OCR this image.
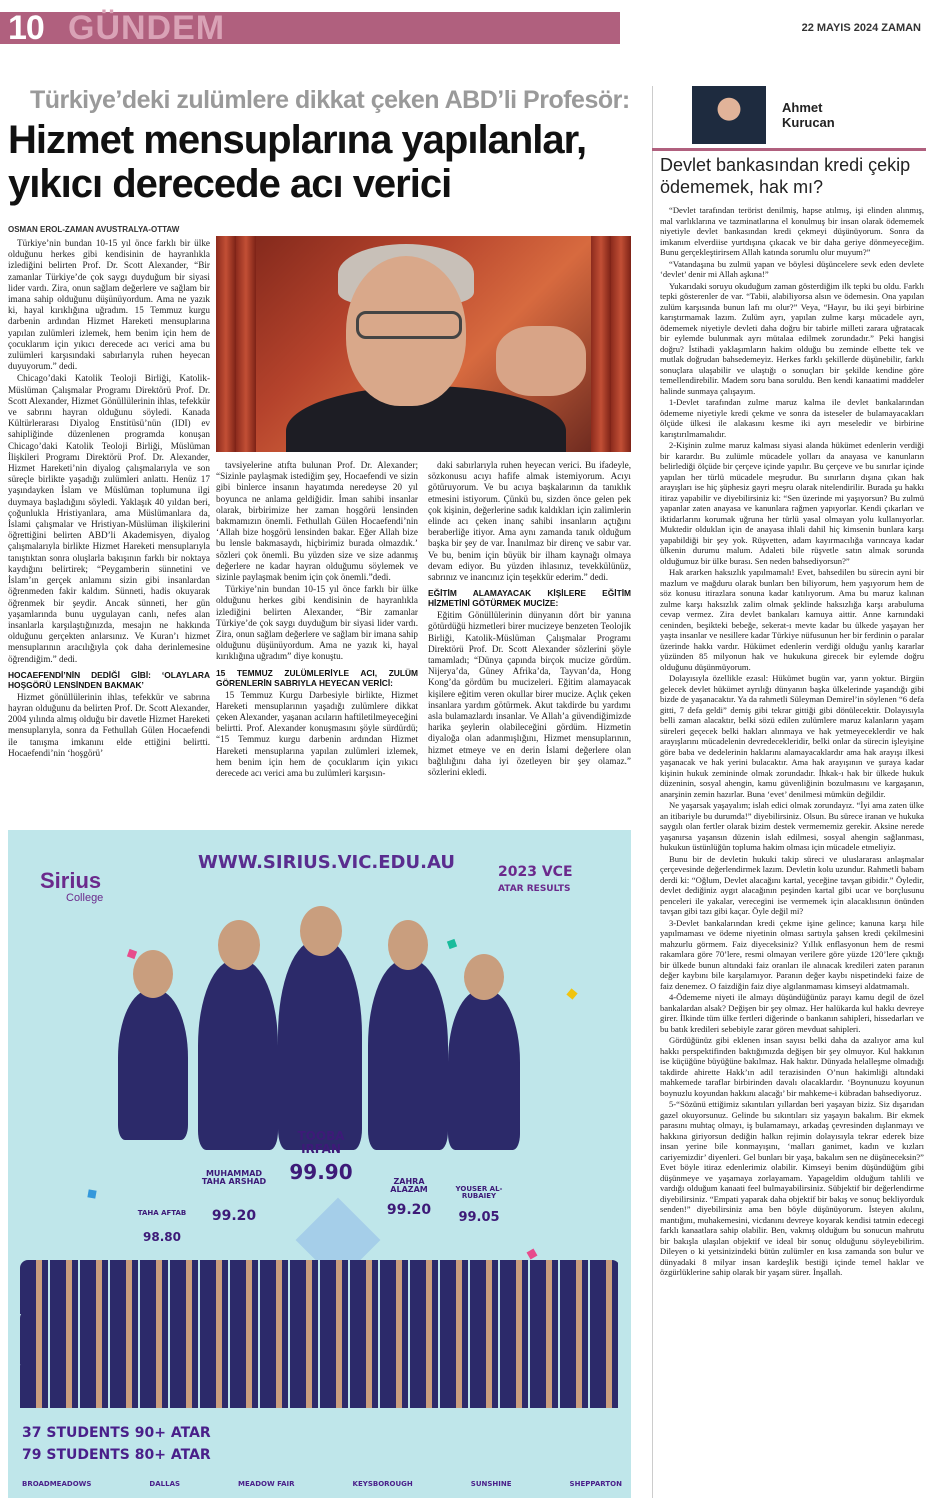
10 GÜNDEM	22 MAYIS 2024 ZAMAN
Türkiye’deki zulümlere dikkat çeken ABD’li Profesör:
Hizmet mensuplarına yapılanlar,
yıkıcı derecede acı verici
OSMAN EROL-ZAMAN AVUSTRALYA-OTTAW

Türkiye’nin bundan 10-15 yıl önce farklı bir ülke olduğunu herkes gibi kendisinin de hayranlıkla izlediğini belirten Prof. Dr. Scott Alexander, “Bir zamanlar Türkiye’de çok saygı duyduğum bir siyasi lider vardı. Zira, onun sağlam değerlere ve sağlam bir imana sahip olduğunu düşünüyordum. Ama ne yazık ki, hayal kırıklığına uğradım. 15 Temmuz kurgu darbenin ardından Hizmet Hareketi mensuplarına yapılan zulümleri izlemek, hem benim için hem de çocuklarım için yıkıcı derecede acı verici ama bu zulümleri karşısındaki sabırlarıyla ruhen heyecan duyuyorum.” dedi.

Chicago’daki Katolik Teoloji Birliği, Katolik-Müslüman Çalışmalar Programı Direktörü Prof. Dr. Scott Alexander, Hizmet Gönüllülerinin ihlas, tefekkür ve sabrını hayran olduğunu söyledi. Kanada Kültürlerarası Diyalog Enstitüsü’nün (IDI) ev sahipliğinde düzenlenen programda konuşan Chicago’daki Katolik Teoloji Birliği, Müslüman İlişkileri Programı Direktörü Prof. Dr. Alexander, Hizmet Hareketi’nin diyalog çalışmalarıyla ve son süreçle birlikte yaşadığı zulümleri anlattı. Henüz 17 yaşındayken İslam ve Müslüman toplumuna ilgi duymaya başladığını söyledi. Yaklaşık 40 yıldan beri, çoğunlukla Hristiyanlara, ama Müslümanlara da, İslami çalışmalar ve Hristiyan-Müslüman ilişkilerini öğrettiğini belirten ABD’li Akademisyen, diyalog çalışmalarıyla birlikte Hizmet Hareketi mensuplarıyla tanıştıktan sonra oluşlarla bakışının farklı bir noktaya kaydığını belirtirek; “Peygamberin sünnetini ve İslam’ın gerçek anlamını sizin gibi insanlardan öğrenmeden fakir kaldım. Sünneti, hadis okuyarak öğrenmek bir şeydir. Ancak sünneti, her gün yaşamlarında bunu uygulayan canlı, nefes alan insanlarla karşılaştığınızda, mesajın ne hakkında olduğunu gerçekten anlarsınız. Ve Kuran’ı hizmet mensuplarının aracılığıyla çok daha derinlemesine öğrendiğim.” dedi.

HOCAEFENDİ’NİN DEDİĞİ GİBİ: ‘OLAYLARA HOŞGÖRÜ LENSİNDEN BAKMAK’

Hizmet gönüllülerinin ihlas, tefekkür ve sabrına hayran olduğunu da belirten Prof. Dr. Scott Alexander, 2004 yılında almış olduğu bir davetle Hizmet Hareketi mensuplarıyla, sonra da Fethullah Gülen Hocaefendi ile tanışma imkanını elde ettiğini belirtti. Hocaefendi’nin ‘hoşgörü’

tavsiyelerine atıfta bulunan Prof. Dr. Alexander; “Sizinle paylaşmak istediğim şey, Hocaefendi ve sizin gibi binlerce insanın hayatımda neredeyse 20 yıl boyunca ne anlama geldiğidir. İman sahibi insanlar olarak, birbirimize her zaman hoşgörü lensinden bakmamızın önemli. Fethullah Gülen Hocaefendi’nin ‘Allah bize hoşgörü lensinden bakar. Eğer Allah bize bu lensle bakmasaydı, hiçbirimiz burada olmazdık.’ sözleri çok önemli. Bu yüzden size ve size adanmış değerlere ne kadar hayran olduğumu söylemek ve sizinle paylaşmak benim için çok önemli.”dedi.

Türkiye’nin bundan 10-15 yıl önce farklı bir ülke olduğunu herkes gibi kendisinin de hayranlıkla izlediğini belirten Alexander, “Bir zamanlar Türkiye’de çok saygı duyduğum bir siyasi lider vardı. Zira, onun sağlam değerlere ve sağlam bir imana sahip olduğunu düşünüyordum. Ama ne yazık ki, hayal kırıklığına uğradım” diye konuştu.

15 TEMMUZ ZULÜMLERİYLE ACI, ZULÜM GÖRENLERİN SABRIYLA HEYECAN VERİCİ:

15 Temmuz Kurgu Darbesiyle birlikte, Hizmet Hareketi mensuplarının yaşadığı zulümlere dikkat çeken Alexander, yaşanan acıların haftiletilmeyeceğini belirtti. Prof. Alexander konuşmasını şöyle sürdürdü; “15 Temmuz kurgu darbenin ardından Hizmet Hareketi mensuplarına yapılan zulümleri izlemek, hem benim için hem de çocuklarım için yıkıcı derecede acı verici ama bu zulümleri karşısın-

daki sabırlarıyla ruhen heyecan verici. Bu ifadeyle, sözkonusu acıyı hafife almak istemiyorum. Acıyı götüruyorum. Ve bu acıya başkalarının da tanıklık etmesini istiyorum. Çünkü bu, sizden önce gelen pek çok kişinin, değerlerine sadık kaldıkları için zalimlerin elinde acı çeken inanç sahibi insanların açtığını beraberliğe itiyor. Ama aynı zamanda tanık olduğum başka bir şey de var. İnanılmaz bir direnç ve sabır var. Ve bu, benim için büyük bir ilham kaynağı olmaya devam ediyor. Bu yüzden ihlasınız, tevekkülünüz, sabrınız ve inancınız için teşekkür ederim.” dedi.

EĞİTİM ALAMAYACAK KİŞİLERE EĞİTİM HİZMETİNİ GÖTÜRMEK MUCİZE:

Eğitim Gönüllülerinin dünyanın dört bir yanına götürdüğü hizmetleri birer mucizeye benzeten Teolojik Birliği, Katolik-Müslüman Çalışmalar Programı Direktörü Prof. Dr. Scott Alexander sözlerini şöyle tamamladı; “Dünya çapında birçok mucize gördüm. Nijerya’da, Güney Afrika’da, Tayvan’da, Hong Kong’da gördüm bu mucizeleri. Eğitim alamayacak kişilere eğitim veren okullar birer mucize. Açlık çeken insanlara yardım götürmek. Akut takdirde bu yardımı asla bulamazlardı insanlar. Ve Allah’a güvendiğimizde harika şeylerin olabileceğini gördüm. Hizmetin diyaloğa olan adanmışlığını, Hizmet mensuplarının, hizmet etmeye ve en derin İslami değerlere olan bağlılığını daha iyi özetleyen bir şey olamaz.” sözlerini ekledi.

Ahmet
Kurucan
Devlet bankasından kredi çekip ödememek, hak mı?

“Devlet tarafından terörist denilmiş, hapse atılmış, işi elinden alınmış, mal varlıklarına ve tazminatlarına el konulmuş bir insan olarak ödememek niyetiyle devlet bankasından kredi çekmeyi düşünüyorum. Sonra da imkanım elverdiise yurtdışına çıkacak ve bir daha geriye dönmeyeceğim. Bunu gerçekleştirirsem Allah katında sorumlu olur muyum?”

“Vatandaşına bu zulmü yapan ve böylesi düşüncelere sevk eden devlete ‘devlet’ denir mi Allah aşkına!”

Yukarıdaki soruyu okuduğum zaman gösterdiğim ilk tepki bu oldu. Farklı tepki gösterenler de var. “Tabii, alabiliyorsa alsın ve ödemesin. Ona yapılan zulüm karşısında bunun lafı mı olur?” Veya, “Hayır, bu iki şeyi birbirine karıştırmamak lazım. Zulüm ayrı, yapılan zulme karşı mücadele ayrı, ödememek niyetiyle devleti daha doğru bir tabirle milleti zarara uğratacak bir eylemde bulunmak ayrı mütalaa edilmek zorundadır.” Peki hangisi doğru? İstihadi yaklaşımların hakim olduğu bu zeminde elbette tek ve mutlak doğrudan bahsedemeyiz. Herkes farklı şekillerde düşünebilir, farklı sonuçlara ulaşabilir ve ulaştığı o sonuçları bir şekilde kendine göre temellendirebilir. Madem soru bana soruldu. Ben kendi kanaatimi maddeler halinde sunmaya çalışayım.

1-Devlet tarafından zulme maruz kalma ile devlet bankalarından ödememe niyetiyle kredi çekme ve sonra da isteseler de bulamayacakları ölçüde ülkesi ile alakasını kesme iki ayrı meseledir ve birbirine karıştırılmamalıdır.

2-Kişinin zulme maruz kalması siyasi alanda hükümet edenlerin verdiği bir karardır. Bu zulümle mücadele yolları da anayasa ve kanunların belirlediği ölçüde bir çerçeve içinde yapılır. Bu çerçeve ve bu sınırlar içinde yapılan her türlü mücadele meşrudur. Bu sınırların dışına çıkan hak arayışları ise hiç şüphesiz gayri meşru olarak nitelendirilir. Burada şu hakkı itiraz yapabilir ve diyebilirsiniz ki: “Sen üzerinde mi yaşıyorsun? Bu zulmü yapanlar zaten anayasa ve kanunlara rağmen yapıyorlar. Kendi çıkarları ve iktidarlarını korumak uğruna her türlü yasal olmayan yolu kullanıyorlar. Muktedir olduklan için de anayasa ihlali dahil hiç kimsenin bunlara karşı yapabildiği bir şey yok. Rüşvetten, adam kayırmacılığa varıncaya kadar ülkenin durumu malum. Adaleti bile rüşvetle satın almak sorunda olduğumuz bir ülke burası. Sen neden bahsediyorsun?”

Hak ararken haksızlık yapılmamalı! Evet, bahsedilen bu sürecin ayni bir mazlum ve mağduru olarak bunları ben biliyorum, hem yaşıyorum hem de söz konusu itirazlara sonuna kadar katılıyorum. Ama bu maruz kalınan zulme karşı haksızlık zalim olmak şeklinde haksızlığa karşı arabuluma cevap vermez. Zira devlet bankaları kamuya aittir. Anne karnındaki ceninden, beşikteki bebeğe, sekerat-ı mevte kadar bu ülkede yaşayan her yaşta insanlar ve nesillere kadar Türkiye nüfusunun her bir ferdinin o paralar üzerinde hakkı vardır. Hükümet edenlerin verdiği olduğu yanlış kararlar yüzünden 85 milyonun hak ve hukukuna girecek bir eylemde doğru olduğunu düşünmüyorum.

Dolayısıyla özellikle ezasıl: Hükümet bugün var, yarın yoktur. Birgün gelecek devlet hükümet ayrılığı dünyanın başka ülkelerinde yaşandığı gibi bizde de yaşanacaktır. Ya da rahmetli Süleyman Demirel’in söylenen “6 defa gitti, 7 defa geldi” demiş gibi tekrar gittiği gibi dönülecektir. Dolayısıyla belli zaman alacaktır, belki sözü edilen zulümlere maruz kalanların yaşam süreleri geçecek belki hakları alınmaya ve hak yetmeyeceklerdir ve hak arayışlarını mücadelenin devredecekleridir, belki onlar da sürecin işleyişine göre baba ve dedelerinin haklarını alamayacaklardır ama hak arayışı ilkesi yaşanacak ve hak yerini bulacaktır. Ama hak arayışının ve şuraya kadar kişinin hukuk zemininde olmak zorundadır. İhkak-ı hak bir ülkede hukuk düzeninin, sosyal ahengin, kamu güvenliğinin bozulmasını ve kargaşanın, anarşinin zemin hazırlar. Buna ‘evet’ denilmesi mümkün değildir.

Ne yaşarsak yaşayalım; islah edici olmak zorundayız. “İyi ama zaten ülke an itibariyle bu durumda!” diyebilirsiniz. Olsun. Bu sürece iranan ve hukuka saygılı olan fertler olarak bizim destek vermememiz gerekir. Aksine nerede yaşanırsa yaşansın düzenin islah edilmesi, sosyal ahengin sağlanması, hukukun üstünlüğün topluma hakim olması için mücadele etmeliyiz.

Bunu bir de devletin hukuki takip süreci ve uluslararası anlaşmalar çerçevesinde değerlendirmek lazım. Devletin kolu uzundur. Rahmetli babam derdi ki: “Oğlum, Devlet alacağını kartal, yeceğine tavşan gibidir.” Öyledir, devlet dediğiniz aygıt alacağının peşinden kartal gibi ucar ve borçlusunu penceleri ile yakalar, verecegini ise vermemek için alacaklısının önünden tavşan gibi tazı gibi kaçar. Öyle değil mi?

3-Devlet bankalarından kredi çekme işine gelince; kanuna karşı hile yapılmaması ve ödeme niyetinin olması sartıyla şahsen kredi çekilmesini mahzurlu görmem. Faiz diyeceksiniz? Yıllık enflasyonun hem de resmi rakamlara göre 70’lere, resmi olmayan verilere göre yüzde 120’lere çıktığı bir ülkede bunun altındaki faiz oranları ile alınacak kredileri zaten paranın değer kaybını bile karşılamıyor. Paranın değer kaybı nispetindeki faize de faiz denemez. O faizdiğin faiz diye algılanmaması kimseyi aldatmamalı.

4-Ödememe niyeti ile almayı düşündüğünüz parayı kamu degil de özel bankalardan alsak? Değişen bir şey olmaz. Her halükarda kul hakkı devreye girer. İlkinde tüm ülke fertleri diğerinde o bankanın sahipleri, hissedarları ve bu batık kredileri sebebiyle zarar gören mevduat sahipleri.

Gördüğünüz gibi eklenen insan sayısı belki daha da azalıyor ama kul hakkı perspektifinden baktığımızda değişen bir şey olmuyor. Kul hakkının ise küçüğüne büyüğüne bakılmaz. Hak haktır. Dünyada helalleşme olmadığı takdirde ahirette Hakk’ın adil terazisinden O’nun hakimliği altındaki mahkemede taraflar birbirinden davalı olacaklardır. ‘Boynunuzu koyunun boynuzlu koyundan hakkını alacağı’ bir mahkeme-i kübradan bahsediyoruz.

5-“Sözünü ettiğimiz sıkıntıları yıllardan beri yaşayan biziz. Siz dışarıdan gazel okuyorsunuz. Gelinde bu sıkıntıları siz yaşayın bakalım. Bir ekmek parasını muhtaç olmayı, iş bulamamayı, arkadaş çevresinden dışlanmayı ve hakkına giriyorsun dediğin halkın rejimin dolayısıyla tekrar ederek bize insan yerine bile konmayışını, ‘malları ganimet, kadın ve kızları cariyemizdir’ diyenleri. Gel bunları bir yaşa, bakalım sen ne düşüneceksin?” Evet böyle itiraz edenlerimiz olabilir. Kimseyi benim düşündüğüm gibi düşünmeye ve yaşamaya zorlayamam. Yapageldim olduğum tahlili ve vardığı olduğum kanaati feel bulmayabilirsiniz. Sübjektif bir değerlendirme diyebilirsiniz. “Empati yaparak daha objektif bir bakış ve sonuç bekliyorduk senden!” diyebilirsiniz ama ben böyle düşünüyorum. İsteyen akılını, mantığını, muhakemesini, vicdanını devreye koyarak kendisi tatmin edecegi farklı kanaatlara sahip olabilir. Ben, vakmış olduğum bu sonucun mahrutu bir bakışla ulaşılan objektif ve ideal bir sonuç olduğunu söyleyebilirim. Dileyen o ki yetsinizindeki bütün zulümler en kısa zamanda son bulur ve dünyadaki 8 milyar insan kardeşlik bestiği içinde temel haklar ve özgürlüklerine sahip olarak bir yaşam sürer. İnşallah.

WWW.SIRIUS.VIC.EDU.AU
Sirius
College
2023 VCE
ATAR RESULTS
TOOBA IRFAN
99.90
MUHAMMAD TAHA ARSHAD
99.20
ZAHRA ALAZAM
99.20
YOUSER AL-RUBAIEY
99.05
TAHA AFTAB
98.80
37 STUDENTS 90+ ATAR
79 STUDENTS 80+ ATAR
BROADMEADOWS	DALLAS	MEADOW FAIR	KEYSBOROUGH	SUNSHINE	SHEPPARTON
